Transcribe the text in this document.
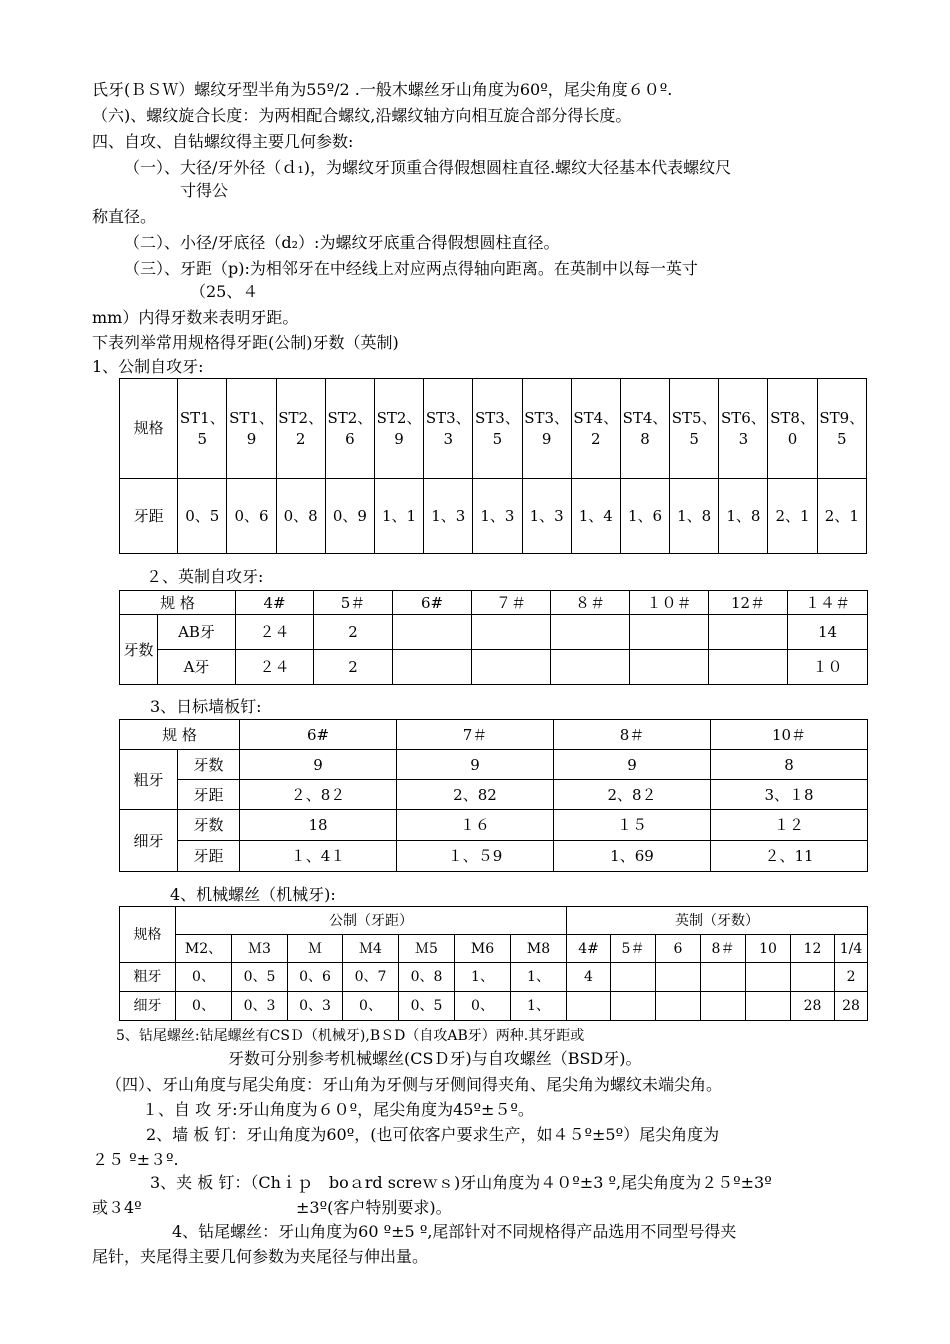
氏牙(ＢＳＷ）螺纹牙型半角为55º/2 .一般木螺丝牙山角度为60º，尾尖角度６０º.
（六)、螺纹旋合长度：为两相配合螺纹,沿螺纹轴方向相互旋合部分得长度。
四、自攻、自钻螺纹得主要几何参数:
（一）、大径/牙外径（ｄ₁)，为螺纹牙顶重合得假想圆柱直径.螺纹大径基本代表螺纹尺
寸得公
称直径。
（二）、小径/牙底径（d₂）:为螺纹牙底重合得假想圆柱直径。
（三）、牙距（p):为相邻牙在中经线上对应两点得轴向距离。在英制中以每一英寸
（25、４
mm）内得牙数来表明牙距。
下表列举常用规格得牙距(公制)牙数（英制)
1、公制自攻牙:
规格	ST1、5	ST1、9	ST2、2	ST2、6	ST2、9	ST3、3	ST3、5	ST3、9	ST4、2	ST4、8	ST5、5	ST6、3	ST8、0	ST9、5
牙距	0、5	0、6	0、8	0、9	1、1	1、3	1、3	1、3	1、4	1、6	1、8	1、8	2、1	2、1
２、英制自攻牙:
规 格		4#	5＃	6#	７＃	８＃	１０＃	12＃	１４＃
牙数	AB牙	２４	2						14
	A牙	２４	2						１０
3、日标墙板钉:
规 格		6#	7＃	8＃	10＃
粗牙	牙数	9	9	9	8
	牙距	２、8２	2、82	2、8２	3、１8
细牙	牙数	18	１６	１５	１２
	牙距	１、4１	１、５9	1、69	２、11
4、机械螺丝（机械牙):
规格	公制（牙距）							英制（牙数）						
	M2、	Ｍ3	Ｍ	Ｍ4	Ｍ5	M6	M8	4#	5＃	6	8＃	10	12	1/4
粗牙	0、	0、5	0、6	0、7	0、8	1、	1、	4						2
细牙	0、	0、3	0、3	0、	0、5	0、	1、						28	28
5、钻尾螺丝:钻尾螺丝有CSＤ（机械牙),BＳD（自攻AB牙）两种.其牙距或
牙数可分别参考机械螺丝(CSＤ牙)与自攻螺丝（BSD牙)。
（四）、牙山角度与尾尖角度：牙山角为牙侧与牙侧间得夹角、尾尖角为螺纹未端尖角。
１、自 攻 牙:牙山角度为６０º，尾尖角度为45º±５º。
2、墙 板 钉：牙山角度为60º，(也可依客户要求生产，如４５º±5º）尾尖角度为
２５ º±３º.
3、夹 板 钉：（Chｉｐ　boａrd screｗｓ)牙山角度为４０º±3 º,尾尖角度为２５º±3º
或３4º	±3º(客户特别要求)。
4、钻尾螺丝：牙山角度为60 º±5 º,尾部针对不同规格得产品选用不同型号得夹
尾针，夹尾得主要几何参数为夹尾径与伸出量。
